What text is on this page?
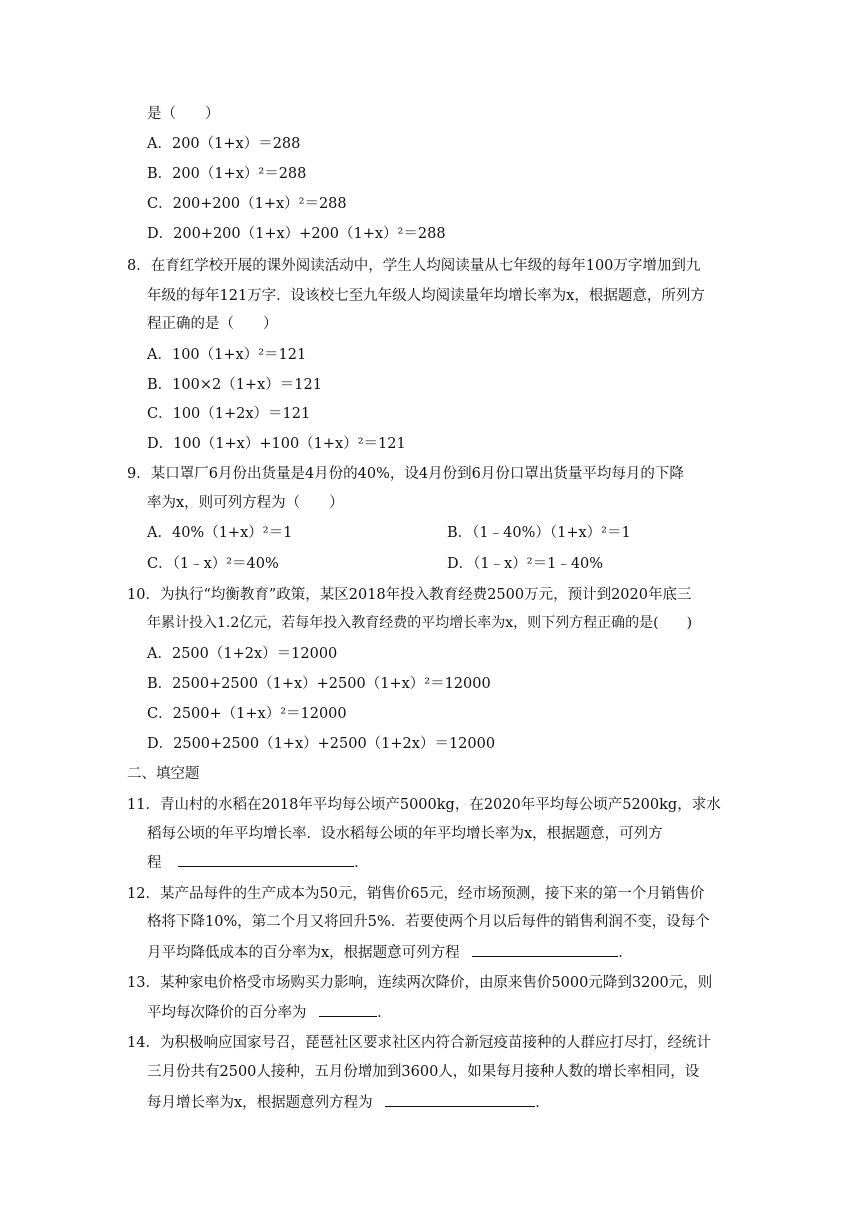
是（　　）
A．200（1+x）＝288
B．200（1+x）²＝288
C．200+200（1+x）²＝288
D．200+200（1+x）+200（1+x）²＝288
8．在育红学校开展的课外阅读活动中，学生人均阅读量从七年级的每年100万字增加到九
年级的每年121万字．设该校七至九年级人均阅读量年均增长率为x，根据题意，所列方
程正确的是（　　）
A．100（1+x）²＝121
B．100×2（1+x）＝121
C．100（1+2x）＝121
D．100（1+x）+100（1+x）²＝121
9．某口罩厂6月份出货量是4月份的40%，设4月份到6月份口罩出货量平均每月的下降
率为x，则可列方程为（　　）
A．40%（1+x）²＝1	B．（1﹣40%）（1+x）²＝1
C．（1﹣x）²＝40%	D．（1﹣x）²＝1﹣40%
10．为执行“均衡教育”政策，某区2018年投入教育经费2500万元，预计到2020年底三
年累计投入1.2亿元，若每年投入教育经费的平均增长率为x，则下列方程正确的是(　　)
A．2500（1+2x）＝12000
B．2500+2500（1+x）+2500（1+x）²＝12000
C．2500+（1+x）²＝12000
D．2500+2500（1+x）+2500（1+2x）＝12000
二、填空题
11．青山村的水稻在2018年平均每公顷产5000kg，在2020年平均每公顷产5200kg，求水
稻每公顷的年平均增长率．设水稻每公顷的年平均增长率为x，根据题意，可列方
程	．
12．某产品每件的生产成本为50元，销售价65元，经市场预测，接下来的第一个月销售价
格将下降10%，第二个月又将回升5%．若要使两个月以后每件的销售利润不变，设每个
月平均降低成本的百分率为x，根据题意可列方程	．
13．某种家电价格受市场购买力影响，连续两次降价，由原来售价5000元降到3200元，则
平均每次降价的百分率为	．
14．为积极响应国家号召，琵琶社区要求社区内符合新冠疫苗接种的人群应打尽打，经统计
三月份共有2500人接种，五月份增加到3600人，如果每月接种人数的增长率相同，设
每月增长率为x，根据题意列方程为	．
